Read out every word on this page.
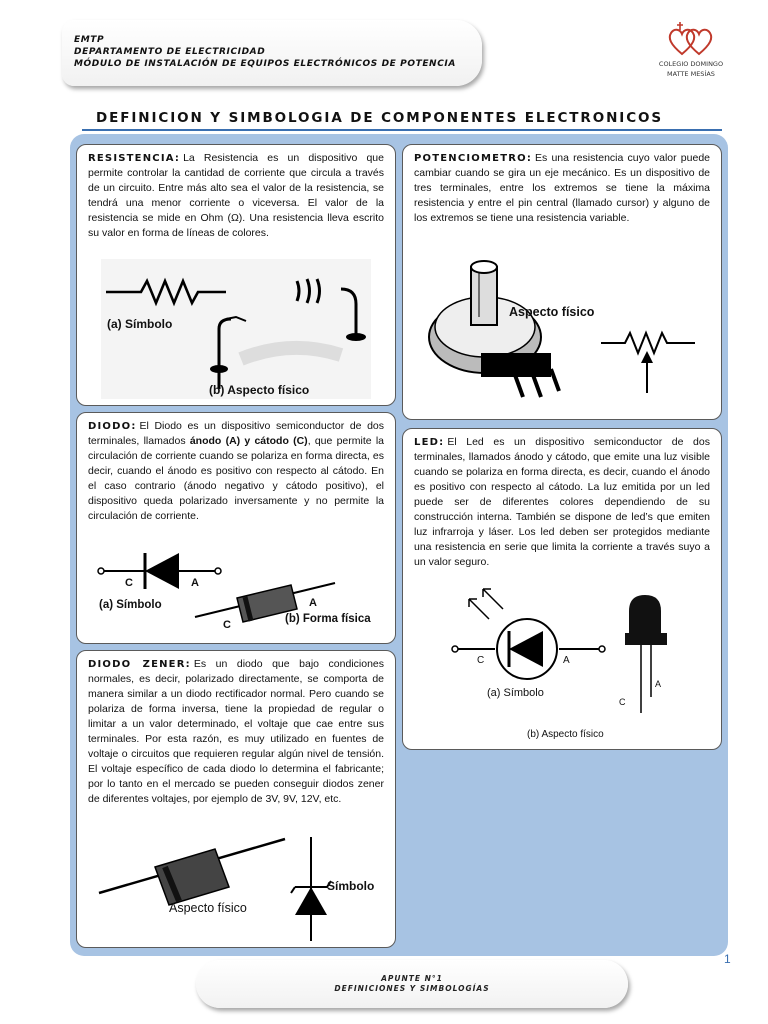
EMTP
DEPARTAMENTO DE ELECTRICIDAD
MÓDULO DE INSTALACIÓN DE EQUIPOS ELECTRÓNICOS DE POTENCIA	COLEGIO DOMINGO
MATTE MESÍAS
DEFINICION Y SIMBOLOGIA DE COMPONENTES ELECTRONICOS
RESISTENCIA: La Resistencia es un dispositivo que permite controlar la cantidad de corriente que circula a través de un circuito. Entre más alto sea el valor de la resistencia, se tendrá una menor corriente o viceversa. El valor de la resistencia se mide en Ohm (Ω). Una resistencia lleva escrito su valor en forma de líneas de colores.
(a) Símbolo
(b) Aspecto físico
POTENCIOMETRO: Es una resistencia cuyo valor puede cambiar cuando se gira un eje mecánico. Es un dispositivo de tres terminales, entre los extremos se tiene la máxima resistencia y entre el pin central (llamado cursor) y alguno de los extremos se tiene una resistencia variable.
Aspecto físico
DIODO: El Diodo es un dispositivo semiconductor de dos terminales, llamados ánodo (A) y cátodo (C), que permite la circulación de corriente cuando se polariza en forma directa, es decir, cuando el ánodo es positivo con respecto al cátodo. En el caso contrario (ánodo negativo y cátodo positivo), el dispositivo queda polarizado inversamente y no permite la circulación de corriente.
C	A
(a) Símbolo
C
A
(b) Forma física
LED: El Led es un dispositivo semiconductor de dos terminales, llamados ánodo y cátodo, que emite una luz visible cuando se polariza en forma directa, es decir, cuando el ánodo es positivo con respecto al cátodo. La luz emitida por un led puede ser de diferentes colores dependiendo de su construcción interna. También se dispone de led’s que emiten luz infrarroja y láser. Los led deben ser protegidos mediante una resistencia en serie que limita la corriente a través suyo a un valor seguro.
C	A
(a) Símbolo
A
C
(b) Aspecto físico
DIODO ZENER: Es un diodo que bajo condiciones normales, es decir, polarizado directamente, se comporta de manera similar a un diodo rectificador normal. Pero cuando se polariza de forma inversa, tiene la propiedad de regular o limitar a un valor determinado, el voltaje que cae entre sus terminales. Por esta razón, es muy utilizado en fuentes de voltaje o circuitos que requieren regular algún nivel de tensión. El voltaje específico de cada diodo lo determina el fabricante; por lo tanto en el mercado se pueden conseguir diodos zener de diferentes voltajes, por ejemplo de 3V, 9V, 12V, etc.
Aspecto físico
Símbolo
APUNTE N°1
DEFINICIONES Y SIMBOLOGÍAS
1
